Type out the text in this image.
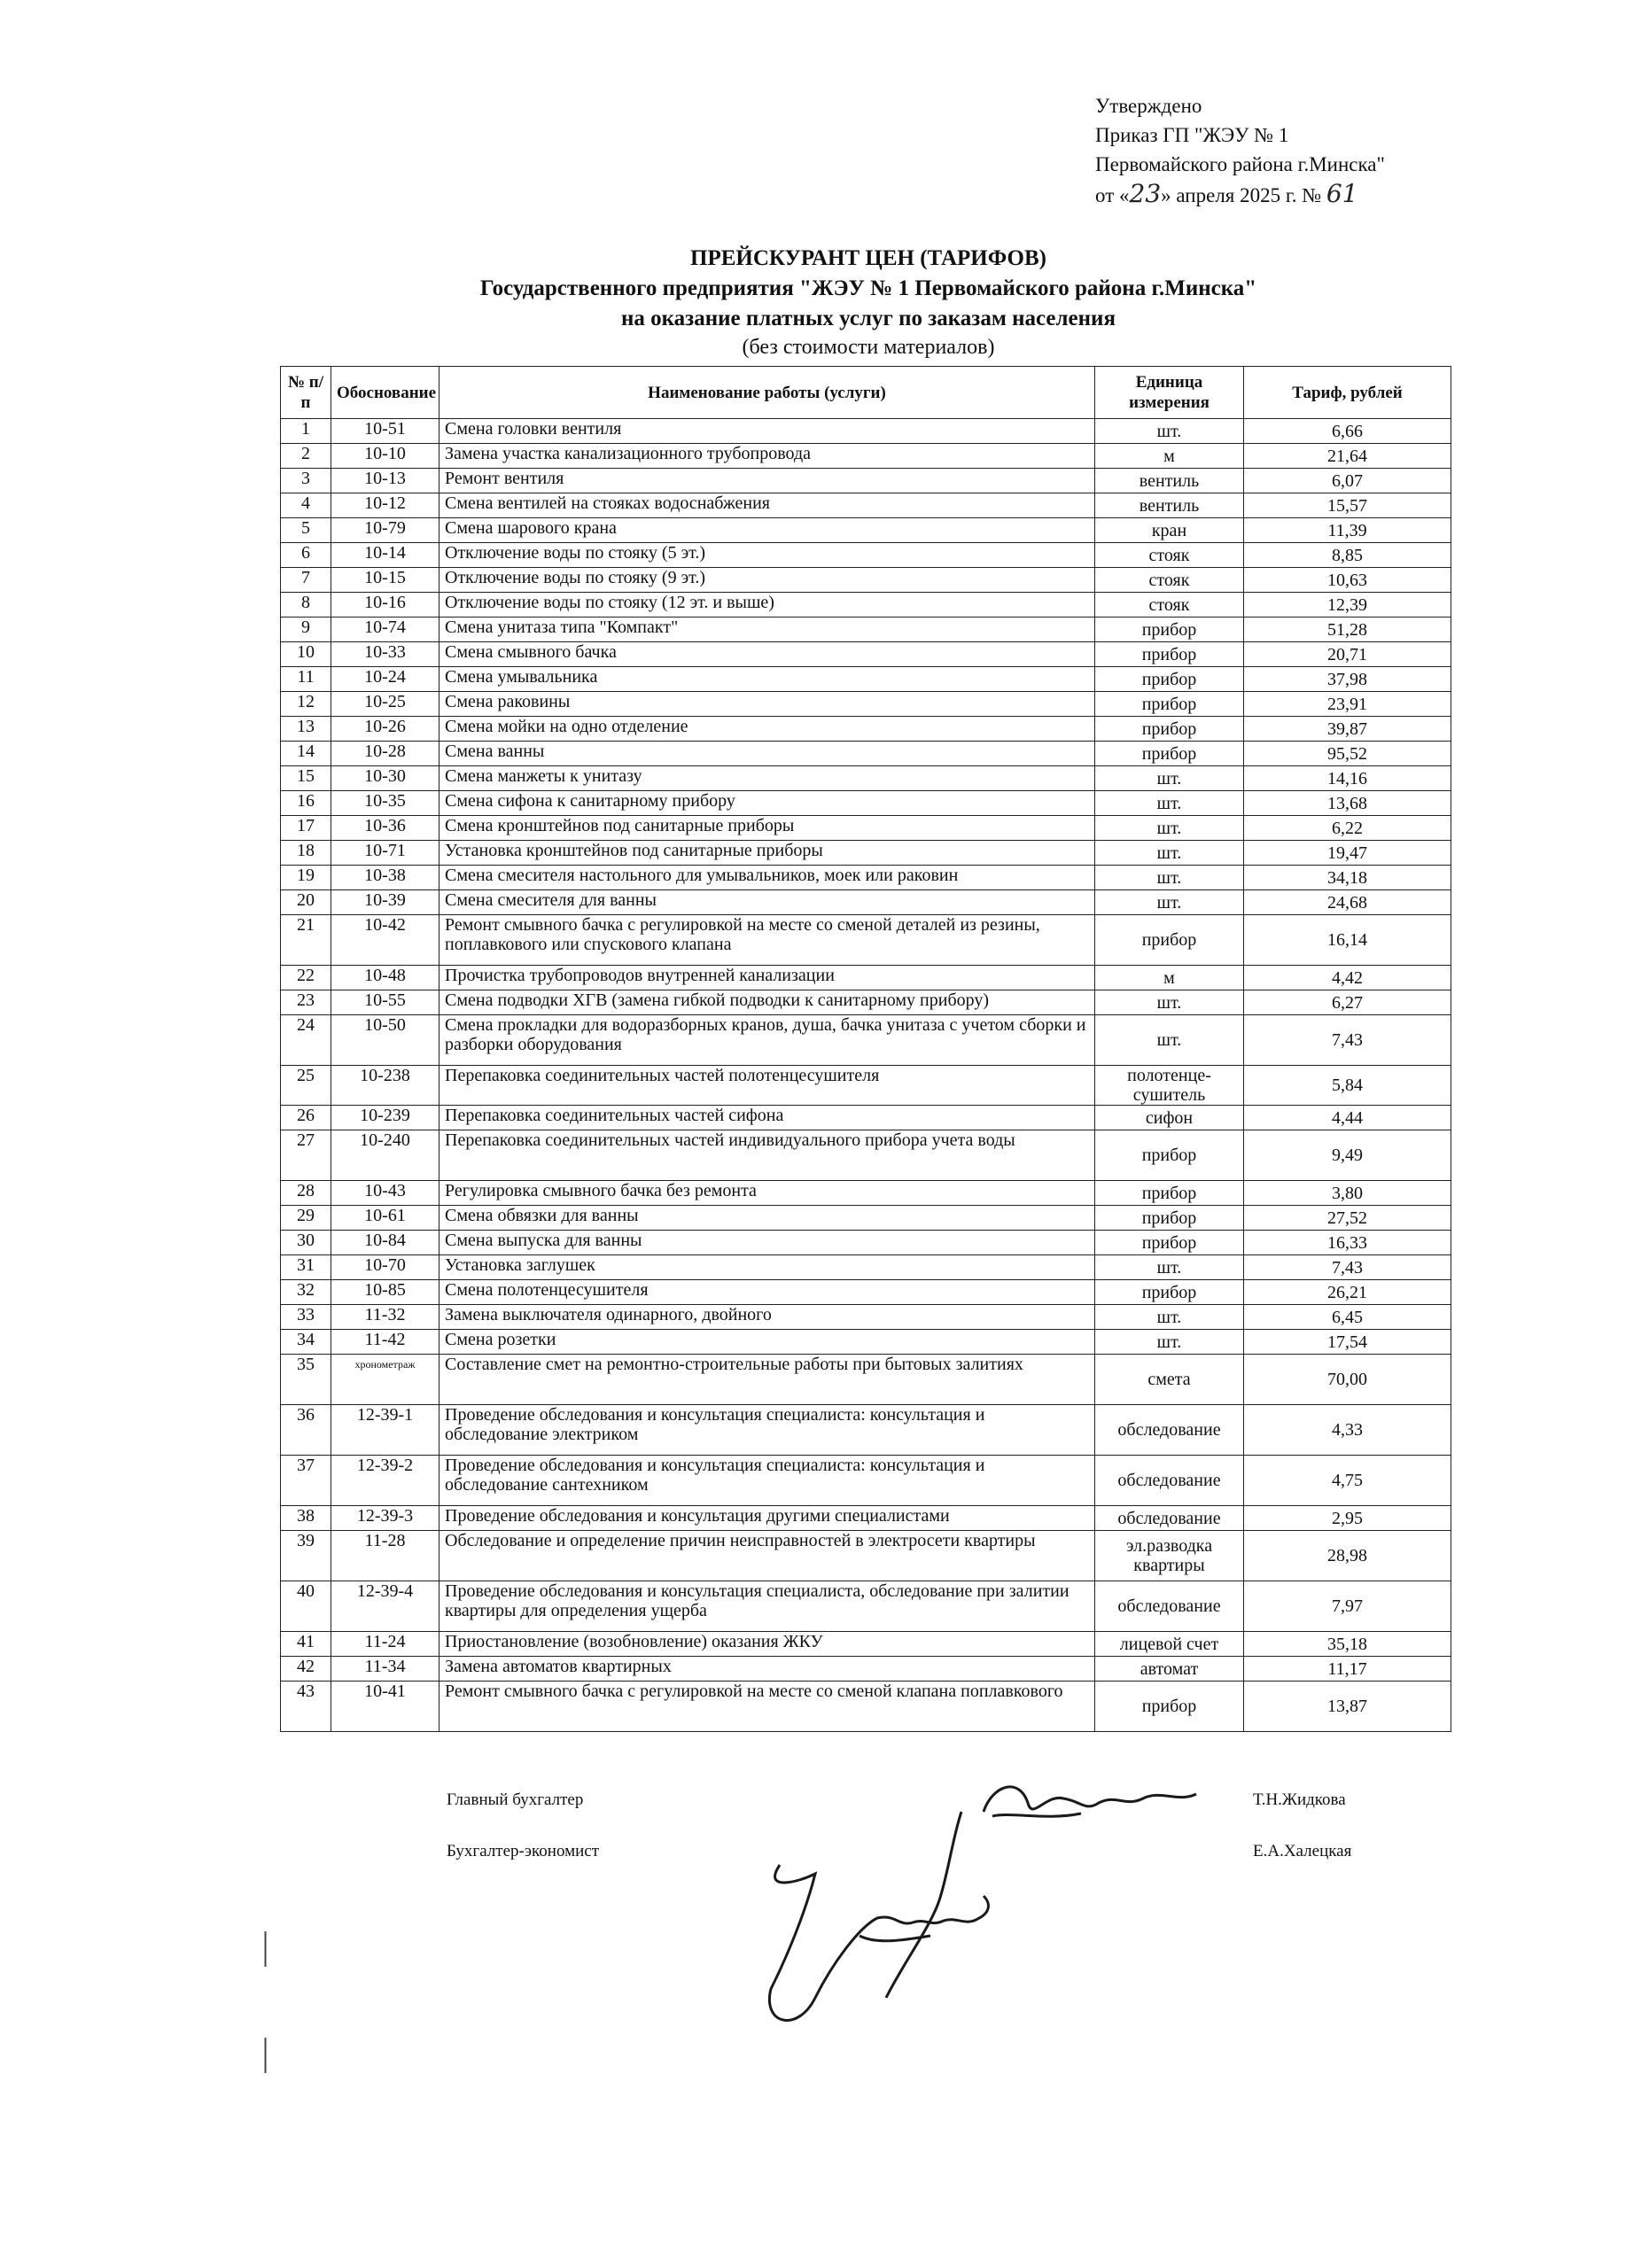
Утверждено
Приказ ГП "ЖЭУ № 1
Первомайского района г.Минска"
от «23» апреля 2025 г. № 61
ПРЕЙСКУРАНТ ЦЕН (ТАРИФОВ)
Государственного предприятия "ЖЭУ № 1 Первомайского района г.Минска"
на оказание платных услуг по заказам населения
(без стоимости материалов)
№ п/п	Обоснование	Наименование работы (услуги)	Единица измерения	Тариф, рублей
1	10-51	Смена головки вентиля	шт.	6,66
2	10-10	Замена участка канализационного трубопровода	м	21,64
3	10-13	Ремонт вентиля	вентиль	6,07
4	10-12	Смена вентилей на стояках водоснабжения	вентиль	15,57
5	10-79	Смена шарового крана	кран	11,39
6	10-14	Отключение воды по стояку (5 эт.)	стояк	8,85
7	10-15	Отключение воды по стояку (9 эт.)	стояк	10,63
8	10-16	Отключение воды по стояку (12 эт. и выше)	стояк	12,39
9	10-74	Смена унитаза типа "Компакт"	прибор	51,28
10	10-33	Смена смывного бачка	прибор	20,71
11	10-24	Смена умывальника	прибор	37,98
12	10-25	Смена раковины	прибор	23,91
13	10-26	Смена мойки на одно отделение	прибор	39,87
14	10-28	Смена ванны	прибор	95,52
15	10-30	Смена манжеты к унитазу	шт.	14,16
16	10-35	Смена сифона к санитарному прибору	шт.	13,68
17	10-36	Смена кронштейнов под санитарные приборы	шт.	6,22
18	10-71	Установка кронштейнов под санитарные приборы	шт.	19,47
19	10-38	Смена смесителя настольного для умывальников, моек или раковин	шт.	34,18
20	10-39	Смена смесителя для ванны	шт.	24,68
21	10-42	Ремонт смывного бачка с регулировкой на месте со сменой деталей из резины, поплавкового или спускового клапана	прибор	16,14
22	10-48	Прочистка трубопроводов внутренней канализации	м	4,42
23	10-55	Смена подводки ХГВ (замена гибкой подводки к санитарному прибору)	шт.	6,27
24	10-50	Смена прокладки для водоразборных кранов, душа, бачка унитаза с учетом сборки и разборки оборудования	шт.	7,43
25	10-238	Перепаковка соединительных частей полотенцесушителя	полотенце-сушитель	5,84
26	10-239	Перепаковка соединительных частей сифона	сифон	4,44
27	10-240	Перепаковка соединительных частей индивидуального прибора учета воды	прибор	9,49
28	10-43	Регулировка смывного бачка без ремонта	прибор	3,80
29	10-61	Смена обвязки для ванны	прибор	27,52
30	10-84	Смена выпуска для ванны	прибор	16,33
31	10-70	Установка заглушек	шт.	7,43
32	10-85	Смена полотенцесушителя	прибор	26,21
33	11-32	Замена выключателя одинарного, двойного	шт.	6,45
34	11-42	Смена розетки	шт.	17,54
35	хронометраж	Составление смет на ремонтно-строительные работы при бытовых залитиях	смета	70,00
36	12-39-1	Проведение обследования и консультация специалиста: консультация и обследование электриком	обследование	4,33
37	12-39-2	Проведение обследования и консультация специалиста: консультация и обследование сантехником	обследование	4,75
38	12-39-3	Проведение обследования и консультация другими специалистами	обследование	2,95
39	11-28	Обследование и определение причин неисправностей в электросети квартиры	эл.разводка квартиры	28,98
40	12-39-4	Проведение обследования и консультация специалиста, обследование при залитии квартиры для определения ущерба	обследование	7,97
41	11-24	Приостановление (возобновление) оказания ЖКУ	лицевой счет	35,18
42	11-34	Замена автоматов квартирных	автомат	11,17
43	10-41	Ремонт смывного бачка с регулировкой на месте со сменой клапана поплавкового	прибор	13,87
Главный бухгалтер	Т.Н.Жидкова
Бухгалтер-экономист	Е.А.Халецкая
